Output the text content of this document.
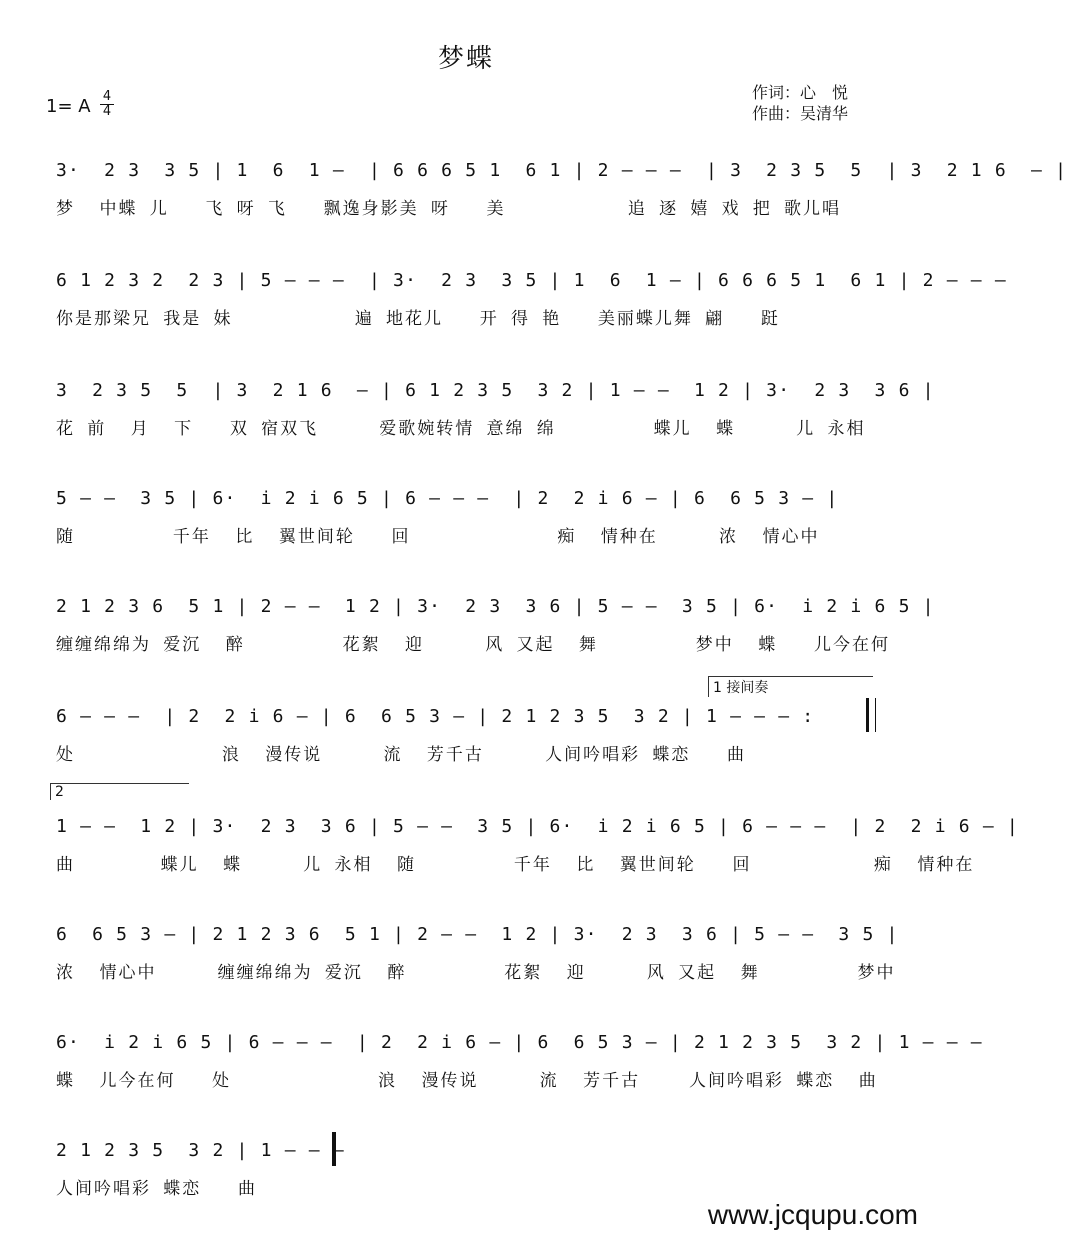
梦蝶
1= A 4
4
作词：心　悦
作曲：吴清华
3·  2 3  3 5 | 1  6  1 —  | 6 6 6 5 1  6 1 | 2 — — —  | 3  2 3 5  5  | 3  2 1 6  — |
梦  中蝶 儿   飞 呀 飞   飘逸身影美 呀   美          追 逐 嬉 戏 把 歌儿唱
6 1 2 3 2  2 3 | 5 — — —  | 3·  2 3  3 5 | 1  6  1 — | 6 6 6 5 1  6 1 | 2 — — —
你是那梁兄 我是 妹          遍 地花儿   开 得 艳   美丽蝶儿舞 翩   跹
3  2 3 5  5  | 3  2 1 6  — | 6 1 2 3 5  3 2 | 1 — —  1 2 | 3·  2 3  3 6 |
花 前  月  下   双 宿双飞     爱歌婉转情 意绵 绵        蝶儿  蝶     儿 永相
5 — —  3 5 | 6·  i 2 i 6 5 | 6 — — —  | 2  2 i 6 — | 6  6 5 3 — |
随        千年  比  翼世间轮   回            痴  情种在     浓  情心中
2 1 2 3 6  5 1 | 2 — —  1 2 | 3·  2 3  3 6 | 5 — —  3 5 | 6·  i 2 i 6 5 |
缠缠绵绵为 爱沉  醉        花絮  迎     风 又起  舞        梦中  蝶   儿今在何
1 接间奏
6 — — —  | 2  2 i 6 — | 6  6 5 3 — | 2 1 2 3 5  3 2 | 1 — — — :
处            浪  漫传说     流  芳千古     人间吟唱彩 蝶恋   曲
2
1 — —  1 2 | 3·  2 3  3 6 | 5 — —  3 5 | 6·  i 2 i 6 5 | 6 — — —  | 2  2 i 6 — |
曲       蝶儿  蝶     儿 永相  随        千年  比  翼世间轮   回          痴  情种在
6  6 5 3 — | 2 1 2 3 6  5 1 | 2 — —  1 2 | 3·  2 3  3 6 | 5 — —  3 5 |
浓  情心中     缠缠绵绵为 爱沉  醉        花絮  迎     风 又起  舞        梦中
6·  i 2 i 6 5 | 6 — — —  | 2  2 i 6 — | 6  6 5 3 — | 2 1 2 3 5  3 2 | 1 — — —
蝶  儿今在何   处            浪  漫传说     流  芳千古    人间吟唱彩 蝶恋  曲
2 1 2 3 5  3 2 | 1 — — —
人间吟唱彩 蝶恋   曲
www.jcqupu.com
